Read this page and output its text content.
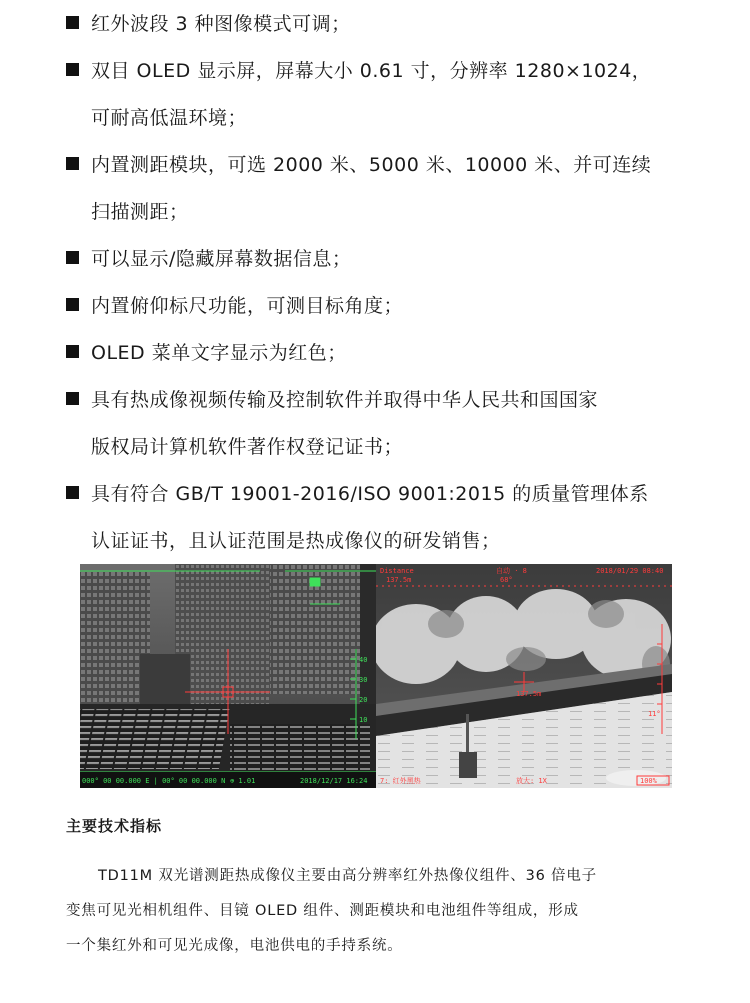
红外波段 3 种图像模式可调；
双目 OLED 显示屏，屏幕大小 0.61 寸，分辨率 1280×1024，
可耐高低温环境；
内置测距模块，可选 2000 米、5000 米、10000 米、并可连续
扫描测距；
可以显示/隐藏屏幕数据信息；
内置俯仰标尺功能，可测目标角度；
OLED 菜单文字显示为红色；
具有热成像视频传输及控制软件并取得中华人民共和国国家
版权局计算机软件著作权登记证书；
具有符合 GB/T 19001-2016/ISO 9001:2015 的质量管理体系
认证证书，且认证范围是热成像仪的研发销售；
40
30
20
10
000° 00 00.000 E | 00° 00 00.000 N ⊕ 1.01	2018/12/17 16:24
Distance
137.5m
自动 · 8
68°
2018/01/29 08:40
137.5m
11°
7: 红外黑热	放大: 1X	100%
主要技术指标
TD11M 双光谱测距热成像仪主要由高分辨率红外热像仪组件、36 倍电子
变焦可见光相机组件、目镜 OLED 组件、测距模块和电池组件等组成，形成
一个集红外和可见光成像，电池供电的手持系统。
